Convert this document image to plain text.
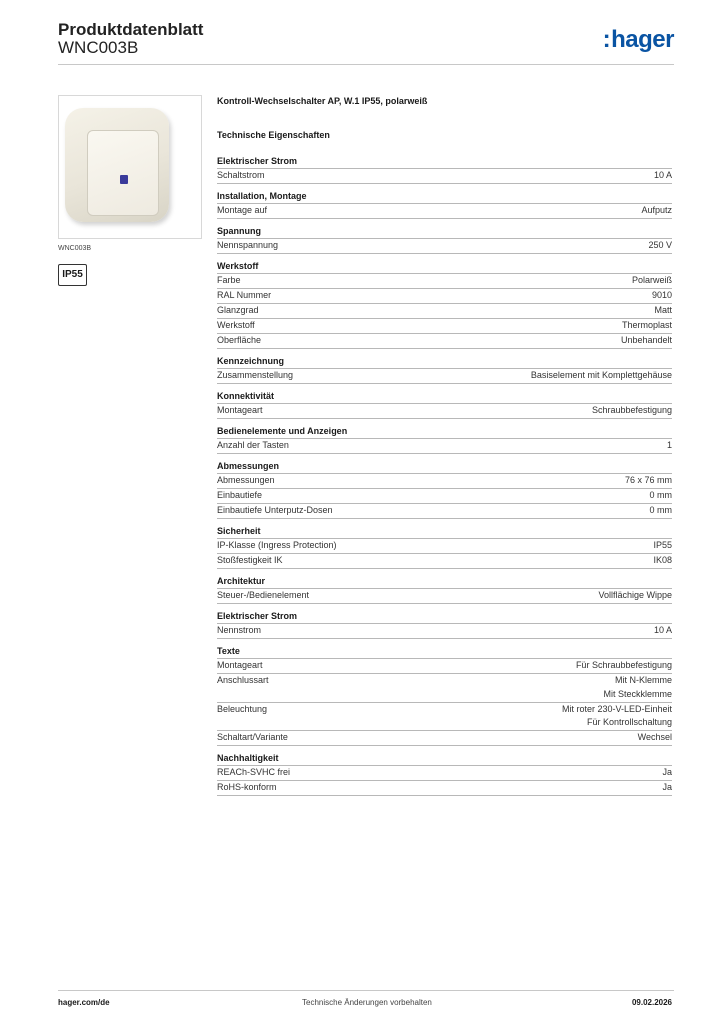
Produktdatenblatt
WNC003B	:hager
WNC003B
IP55
Kontroll-Wechselschalter AP, W.1 IP55, polarweiß
Technische Eigenschaften
Elektrischer Strom
Schaltstrom	10 A
Installation, Montage
Montage auf	Aufputz
Spannung
Nennspannung	250 V
Werkstoff
Farbe	Polarweiß
RAL Nummer	9010
Glanzgrad	Matt
Werkstoff	Thermoplast
Oberfläche	Unbehandelt
Kennzeichnung
Zusammenstellung	Basiselement mit Komplettgehäuse
Konnektivität
Montageart	Schraubbefestigung
Bedienelemente und Anzeigen
Anzahl der Tasten	1
Abmessungen
Abmessungen	76 x 76 mm
Einbautiefe	0 mm
Einbautiefe Unterputz-Dosen	0 mm
Sicherheit
IP-Klasse (Ingress Protection)	IP55
Stoßfestigkeit IK	IK08
Architektur
Steuer-/Bedienelement	Vollflächige Wippe
Elektrischer Strom
Nennstrom	10 A
Texte
Montageart	Für Schraubbefestigung
Anschlussart	Mit N-Klemme
Mit Steckklemme
Beleuchtung	Mit roter 230-V-LED-Einheit
Für Kontrollschaltung
Schaltart/Variante	Wechsel
Nachhaltigkeit
REACh-SVHC frei	Ja
RoHS-konform	Ja
hager.com/de	Technische Änderungen vorbehalten	09.02.2026
